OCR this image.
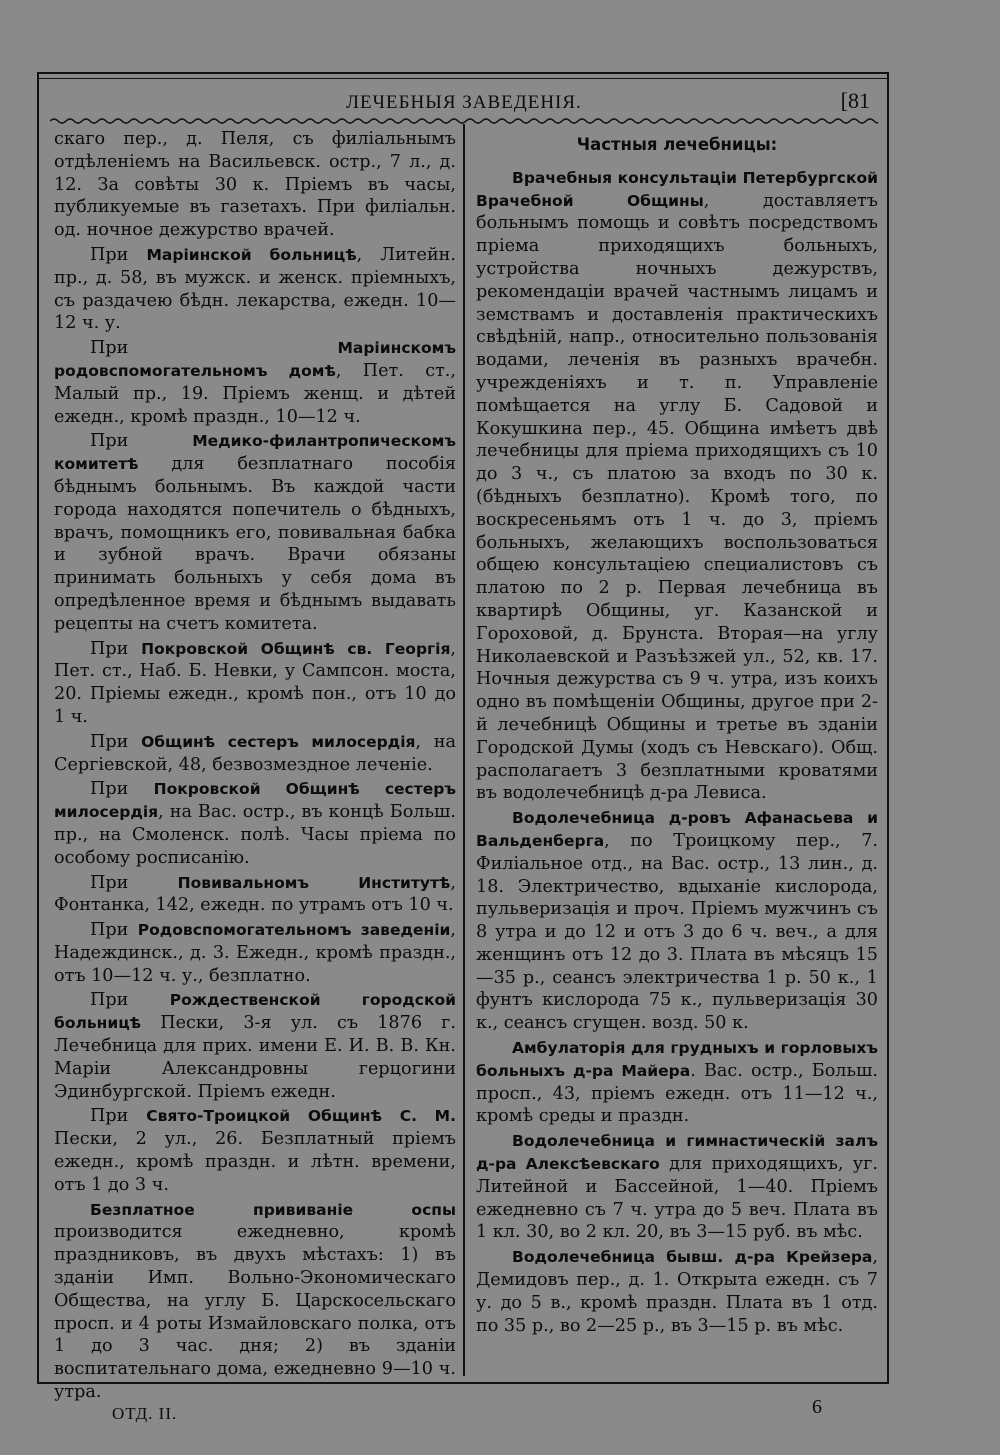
ЛЕЧЕБНЫЯ ЗАВЕДЕНІЯ.	[81

скаго пер., д. Пеля, съ филіальнымъ отдѣленіемъ на Васильевск. остр., 7 л., д. 12. За совѣты 30 к. Пріемъ въ часы, публикуемые въ газетахъ. При филіальн. од. ночное дежурство врачей.

При Маріинской больницѣ, Литейн. пр., д. 58, въ мужск. и женск. пріемныхъ, съ раздачею бѣдн. лекарства, ежедн. 10—12 ч. у.

При Маріинскомъ родовспомогательномъ домѣ, Пет. ст., Малый пр., 19. Пріемъ женщ. и дѣтей ежедн., кромѣ праздн., 10—12 ч.

При Медико-филантропическомъ комитетѣ для безплатнаго пособія бѣднымъ больнымъ. Въ каждой части города находятся попечитель о бѣдныхъ, врачъ, помощникъ его, повивальная бабка и зубной врачъ. Врачи обязаны принимать больныхъ у себя дома въ опредѣленное время и бѣднымъ выдавать рецепты на счетъ комитета.

При Покровской Общинѣ св. Георгія, Пет. ст., Наб. Б. Невки, у Сампсон. моста, 20. Пріемы ежедн., кромѣ пон., отъ 10 до 1 ч.

При Общинѣ сестеръ милосердія, на Сергіевской, 48, безвозмездное леченіе.

При Покровской Общинѣ сестеръ милосердія, на Вас. остр., въ концѣ Больш. пр., на Смоленск. полѣ. Часы пріема по особому росписанію.

При Повивальномъ Институтѣ, Фонтанка, 142, ежедн. по утрамъ отъ 10 ч.

При Родовспомогательномъ заведеніи, Надеждинск., д. 3. Ежедн., кромѣ праздн., отъ 10—12 ч. у., безплатно.

При Рождественской городской больницѣ Пески, 3-я ул. съ 1876 г. Лечебница для прих. имени Е. И. В. В. Кн. Маріи Александровны герцогини Эдинбургской. Пріемъ ежедн.

При Свято-Троицкой Общинѣ С. М. Пески, 2 ул., 26. Безплатный пріемъ ежедн., кромѣ праздн. и лѣтн. времени, отъ 1 до 3 ч.

Безплатное прививаніе оспы производится ежедневно, кромѣ праздниковъ, въ двухъ мѣстахъ: 1) въ зданіи Имп. Вольно-Экономическаго Общества, на углу Б. Царскосельскаго просп. и 4 роты Измайловскаго полка, отъ 1 до 3 час. дня; 2) въ зданіи воспитательнаго дома, ежедневно 9—10 ч. утра.

Частныя лечебницы:

Врачебныя консультаціи Петербургской Врачебной Общины, доставляетъ больнымъ помощь и совѣтъ посредствомъ пріема приходящихъ больныхъ, устройства ночныхъ дежурствъ, рекомендаціи врачей частнымъ лицамъ и земствамъ и доставленія практическихъ свѣдѣній, напр., относительно пользованія водами, леченія въ разныхъ врачебн. учрежденіяхъ и т. п. Управленіе помѣщается на углу Б. Садовой и Кокушкина пер., 45. Община имѣетъ двѣ лечебницы для пріема приходящихъ съ 10 до 3 ч., съ платою за входъ по 30 к. (бѣдныхъ безплатно). Кромѣ того, по воскресеньямъ отъ 1 ч. до 3, пріемъ больныхъ, желающихъ воспользоваться общею консультаціею специалистовъ съ платою по 2 р. Первая лечебница въ квартирѣ Общины, уг. Казанской и Гороховой, д. Брунста. Вторая—на углу Николаевской и Разъѣзжей ул., 52, кв. 17. Ночныя дежурства съ 9 ч. утра, изъ коихъ одно въ помѣщеніи Общины, другое при 2-й лечебницѣ Общины и третье въ зданіи Городской Думы (ходъ съ Невскаго). Общ. располагаетъ 3 безплатными кроватями въ водолечебницѣ д-ра Левиса.

Водолечебница д-ровъ Афанасьева и Вальденберга, по Троицкому пер., 7. Филіальное отд., на Вас. остр., 13 лин., д. 18. Электричество, вдыханіе кислорода, пульверизація и проч. Пріемъ мужчинъ съ 8 утра и до 12 и отъ 3 до 6 ч. веч., а для женщинъ отъ 12 до 3. Плата въ мѣсяцъ 15—35 р., сеансъ электричества 1 р. 50 к., 1 фунтъ кислорода 75 к., пульверизація 30 к., сеансъ сгущен. возд. 50 к.

Амбулаторія для грудныхъ и горловыхъ больныхъ д-ра Майера. Вас. остр., Больш. просп., 43, пріемъ ежедн. отъ 11—12 ч., кромѣ среды и праздн.

Водолечебница и гимнастическій залъ д-ра Алексѣевскаго для приходящихъ, уг. Литейной и Бассейной, 1—40. Пріемъ ежедневно съ 7 ч. утра до 5 веч. Плата въ 1 кл. 30, во 2 кл. 20, въ 3—15 руб. въ мѣс.

Водолечебница бывш. д-ра Крейзера, Демидовъ пер., д. 1. Открыта ежедн. съ 7 у. до 5 в., кромѣ праздн. Плата въ 1 отд. по 35 р., во 2—25 р., въ 3—15 р. въ мѣс.

ОТД. II.	6
